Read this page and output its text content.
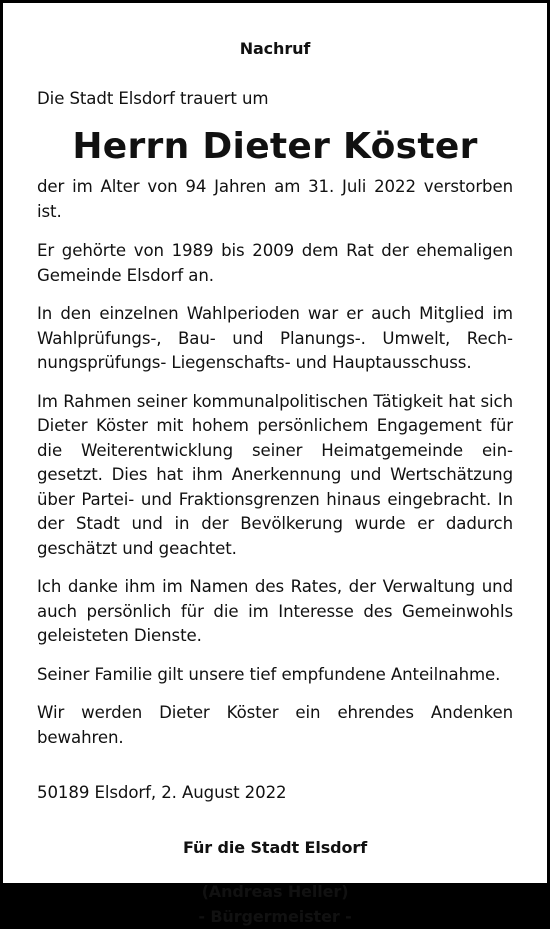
Nachruf

Die Stadt Elsdorf trauert um

Herrn Dieter Köster

der im Alter von 94 Jahren am 31. Juli 2022 verstorben ist.

Er gehörte von 1989 bis 2009 dem Rat der ehemaligen Gemeinde Elsdorf an.

In den einzelnen Wahlperioden war er auch Mitglied im Wahlprüfungs-, Bau- und Planungs-. Umwelt, Rechnungsprüfungs- Liegenschafts- und Hauptausschuss.

Im Rahmen seiner kommunalpolitischen Tätigkeit hat sich Dieter Köster mit hohem persönlichem Engagement für die Weiterentwicklung seiner Heimatgemeinde eingesetzt. Dies hat ihm Anerkennung und Wertschätzung über Partei- und Fraktionsgrenzen hinaus eingebracht. In der Stadt und in der Bevölkerung wurde er dadurch geschätzt und geachtet.

Ich danke ihm im Namen des Rates, der Verwaltung und auch persönlich für die im Interesse des Gemeinwohls geleisteten Dienste.

Seiner Familie gilt unsere tief empfundene Anteilnahme.

Wir werden Dieter Köster ein ehrendes Andenken bewahren.

50189 Elsdorf, 2. August 2022

Für die Stadt Elsdorf
(Andreas Heller)
- Bürgermeister -
